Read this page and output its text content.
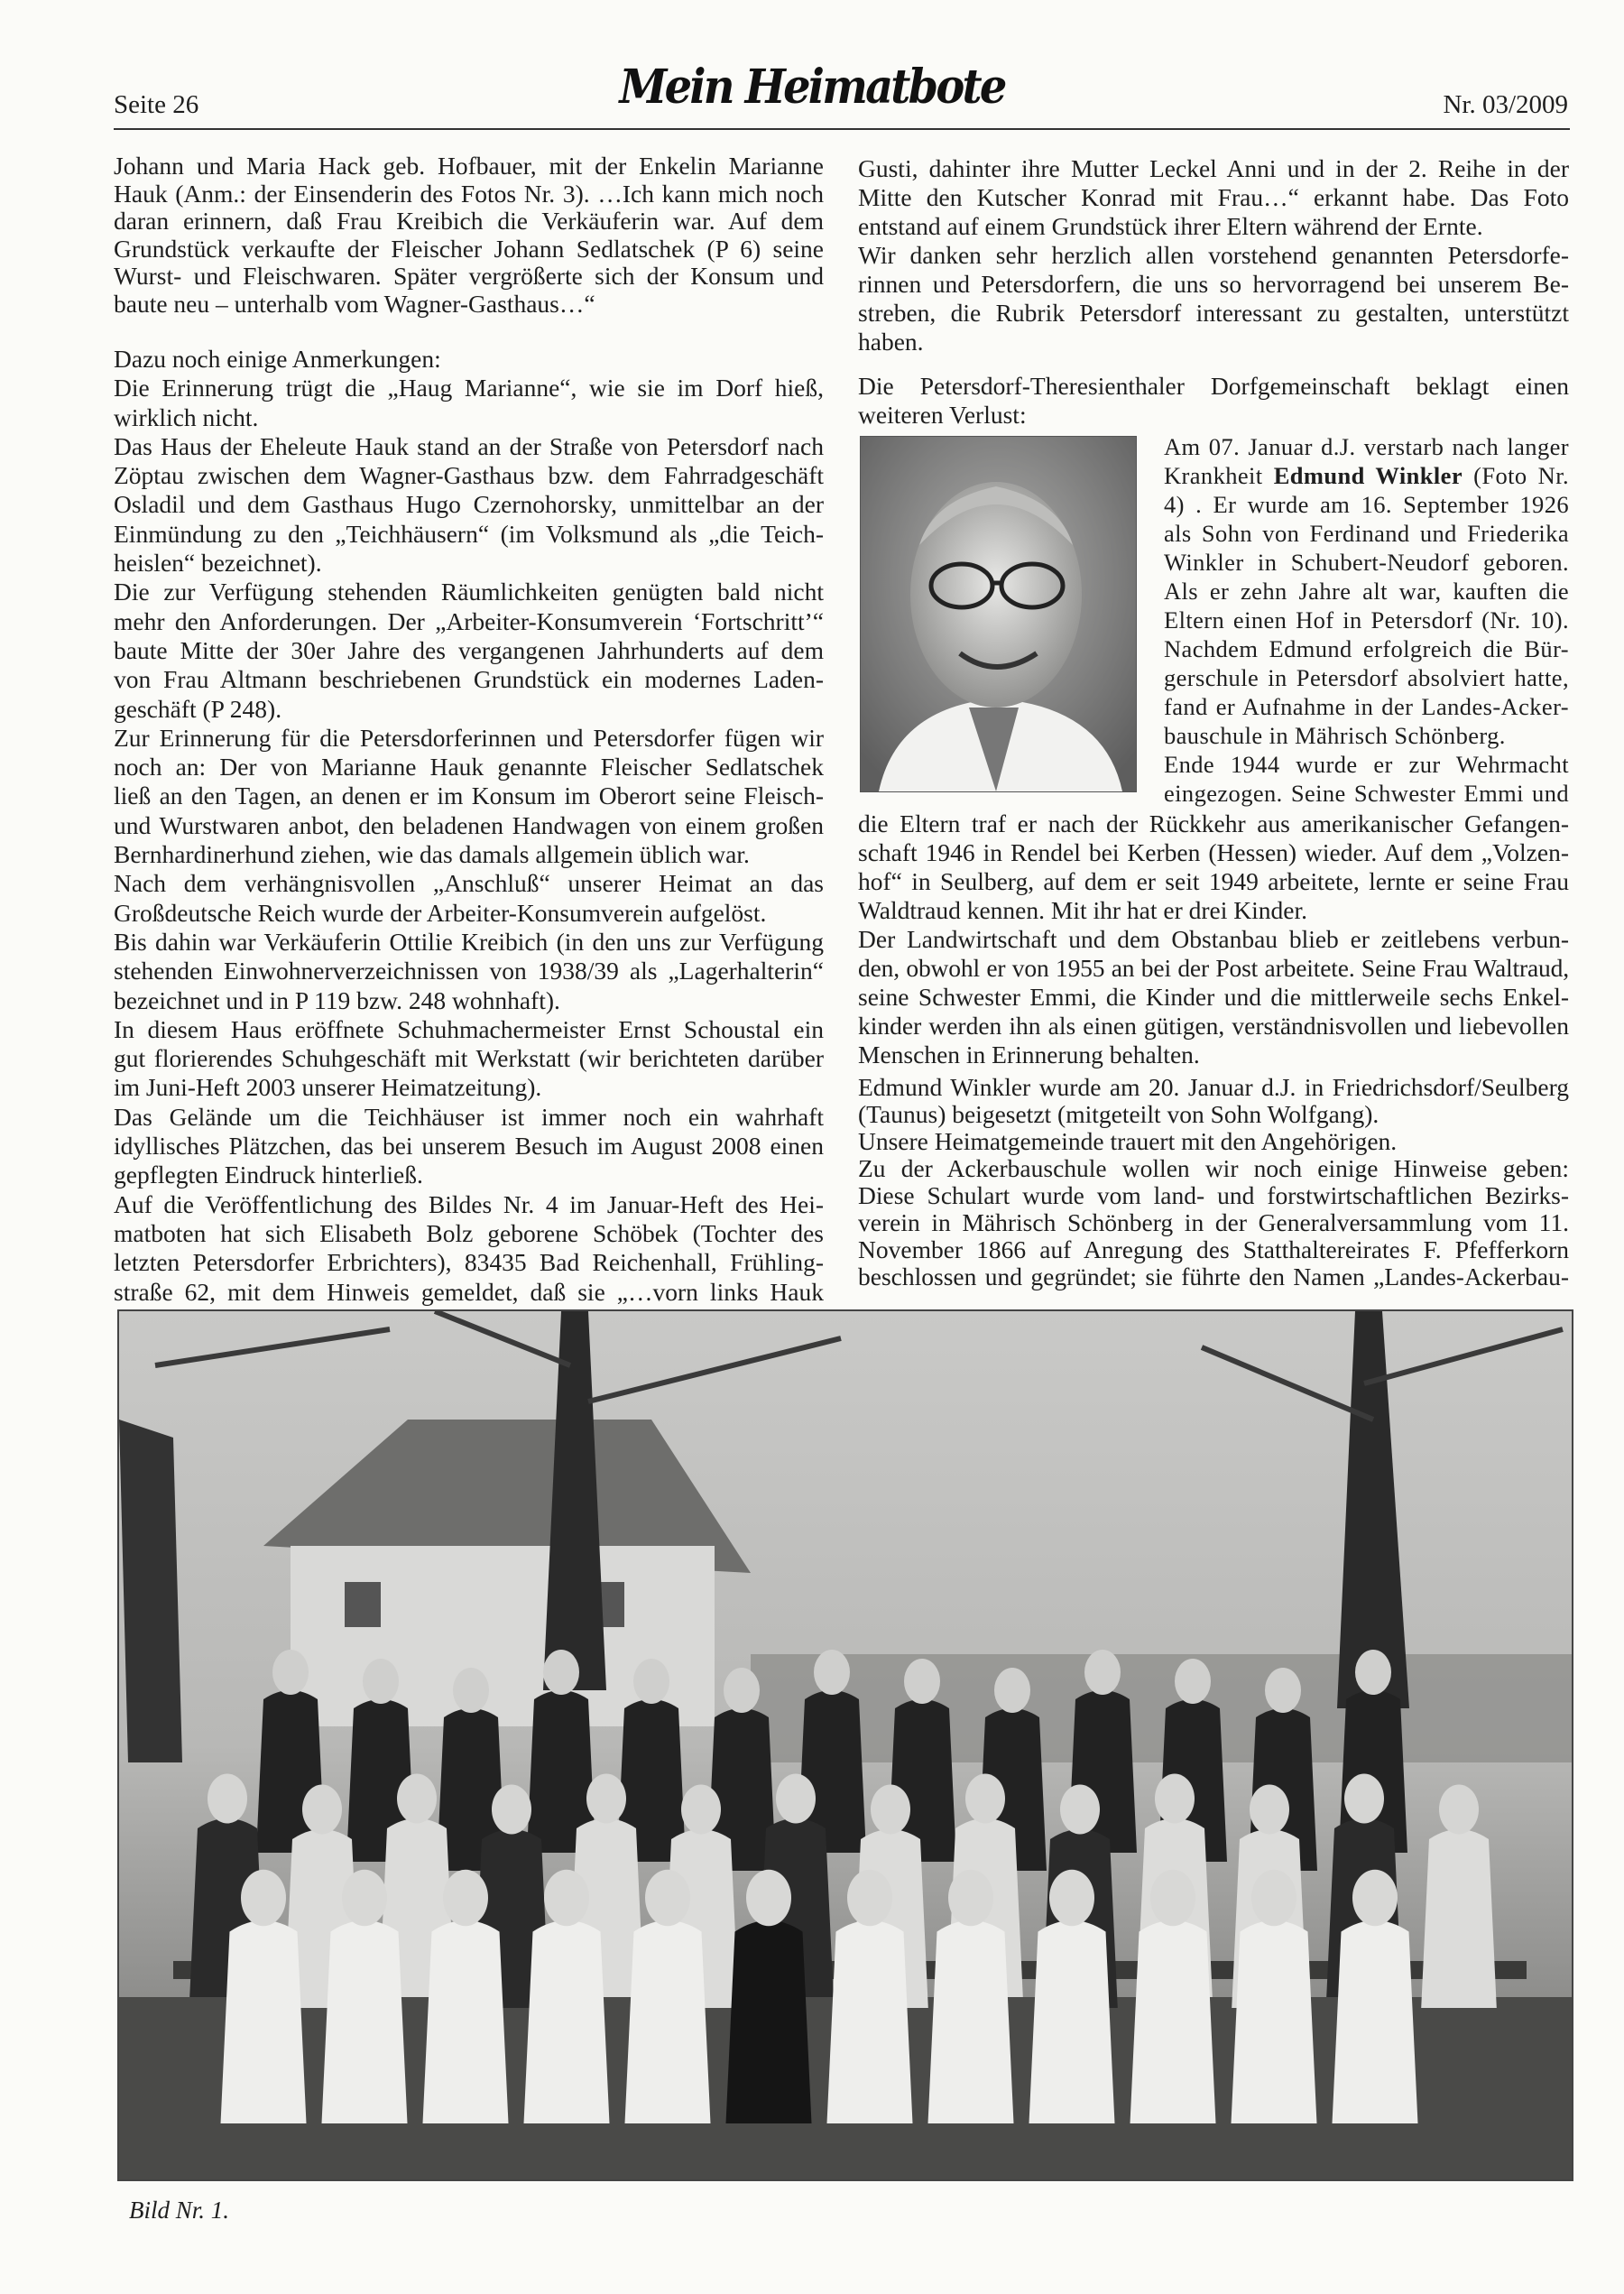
Seite 26	Mein Heimatbote	Nr. 03/2009
Johann und Maria Hack geb. Hofbauer, mit der Enkelin Marianne
Hauk (Anm.: der Einsenderin des Fotos Nr. 3). …Ich kann mich noch
daran erinnern, daß Frau Kreibich die Verkäuferin war. Auf dem
Grundstück verkaufte der Fleischer Johann Sedlatschek (P 6) seine
Wurst- und Fleischwaren. Später vergrößerte sich der Konsum und
baute neu – unterhalb vom Wagner-Gasthaus…“
Dazu noch einige Anmerkungen:
Die Erinnerung trügt die „Haug Marianne“, wie sie im Dorf hieß,
wirklich nicht.
Das Haus der Eheleute Hauk stand an der Straße von Petersdorf nach
Zöptau zwischen dem Wagner-Gasthaus bzw. dem Fahrradgeschäft
Osladil und dem Gasthaus Hugo Czernohorsky, unmittelbar an der
Einmündung zu den „Teichhäusern“ (im Volksmund als „die Teich-
heislen“ bezeichnet).
Die zur Verfügung stehenden Räumlichkeiten genügten bald nicht
mehr den Anforderungen. Der „Arbeiter-Konsumverein ‘Fortschritt’“
baute Mitte der 30er Jahre des vergangenen Jahrhunderts auf dem
von Frau Altmann beschriebenen Grundstück ein modernes Laden-
geschäft (P 248).
Zur Erinnerung für die Petersdorferinnen und Petersdorfer fügen wir
noch an: Der von Marianne Hauk genannte Fleischer Sedlatschek
ließ an den Tagen, an denen er im Konsum im Oberort seine Fleisch-
und Wurstwaren anbot, den beladenen Handwagen von einem großen
Bernhardinerhund ziehen, wie das damals allgemein üblich war.
Nach dem verhängnisvollen „Anschluß“ unserer Heimat an das
Großdeutsche Reich wurde der Arbeiter-Konsumverein aufgelöst.
Bis dahin war Verkäuferin Ottilie Kreibich (in den uns zur Verfügung
stehenden Einwohnerverzeichnissen von 1938/39 als „Lagerhalterin“
bezeichnet und in P 119 bzw. 248 wohnhaft).
In diesem Haus eröffnete Schuhmachermeister Ernst Schoustal ein
gut florierendes Schuhgeschäft mit Werkstatt (wir berichteten darüber
im Juni-Heft 2003 unserer Heimatzeitung).
Das Gelände um die Teichhäuser ist immer noch ein wahrhaft
idyllisches Plätzchen, das bei unserem Besuch im August 2008 einen
gepflegten Eindruck hinterließ.
Auf die Veröffentlichung des Bildes Nr. 4 im Januar-Heft des Hei-
matboten hat sich Elisabeth Bolz geborene Schöbek (Tochter des
letzten Petersdorfer Erbrichters), 83435 Bad Reichenhall, Frühling-
straße 62, mit dem Hinweis gemeldet, daß sie „…vorn links Hauk
Gusti, dahinter ihre Mutter Leckel Anni und in der 2. Reihe in der
Mitte den Kutscher Konrad mit Frau…“ erkannt habe. Das Foto
entstand auf einem Grundstück ihrer Eltern während der Ernte.
Wir danken sehr herzlich allen vorstehend genannten Petersdorfe-
rinnen und Petersdorfern, die uns so hervorragend bei unserem Be-
streben, die Rubrik Petersdorf interessant zu gestalten, unterstützt
haben.
Die Petersdorf-Theresienthaler Dorfgemeinschaft beklagt einen
weiteren Verlust:
Am 07. Januar d.J. verstarb nach langer
Krankheit Edmund Winkler (Foto Nr.
4) . Er wurde am 16. September 1926
als Sohn von Ferdinand und Friederika
Winkler in Schubert-Neudorf geboren.
Als er zehn Jahre alt war, kauften die
Eltern einen Hof in Petersdorf (Nr. 10).
Nachdem Edmund erfolgreich die Bür-
gerschule in Petersdorf absolviert hatte,
fand er Aufnahme in der Landes-Acker-
bauschule in Mährisch Schönberg.
Ende 1944 wurde er zur Wehrmacht
eingezogen. Seine Schwester Emmi und
die Eltern traf er nach der Rückkehr aus amerikanischer Gefangen-
schaft 1946 in Rendel bei Kerben (Hessen) wieder. Auf dem „Volzen-
hof“ in Seulberg, auf dem er seit 1949 arbeitete, lernte er seine Frau
Waldtraud kennen. Mit ihr hat er drei Kinder.
Der Landwirtschaft und dem Obstanbau blieb er zeitlebens verbun-
den, obwohl er von 1955 an bei der Post arbeitete. Seine Frau Waltraud,
seine Schwester Emmi, die Kinder und die mittlerweile sechs Enkel-
kinder werden ihn als einen gütigen, verständnisvollen und liebevollen
Menschen in Erinnerung behalten.
Edmund Winkler wurde am 20. Januar d.J. in Friedrichsdorf/Seulberg
(Taunus) beigesetzt (mitgeteilt von Sohn Wolfgang).
Unsere Heimatgemeinde trauert mit den Angehörigen.
Zu der Ackerbauschule wollen wir noch einige Hinweise geben:
Diese Schulart wurde vom land- und forstwirtschaftlichen Bezirks-
verein in Mährisch Schönberg in der Generalversammlung vom 11.
November 1866 auf Anregung des Statthaltereirates F. Pfefferkorn
beschlossen und gegründet; sie führte den Namen „Landes-Ackerbau-
Bild Nr. 1.
